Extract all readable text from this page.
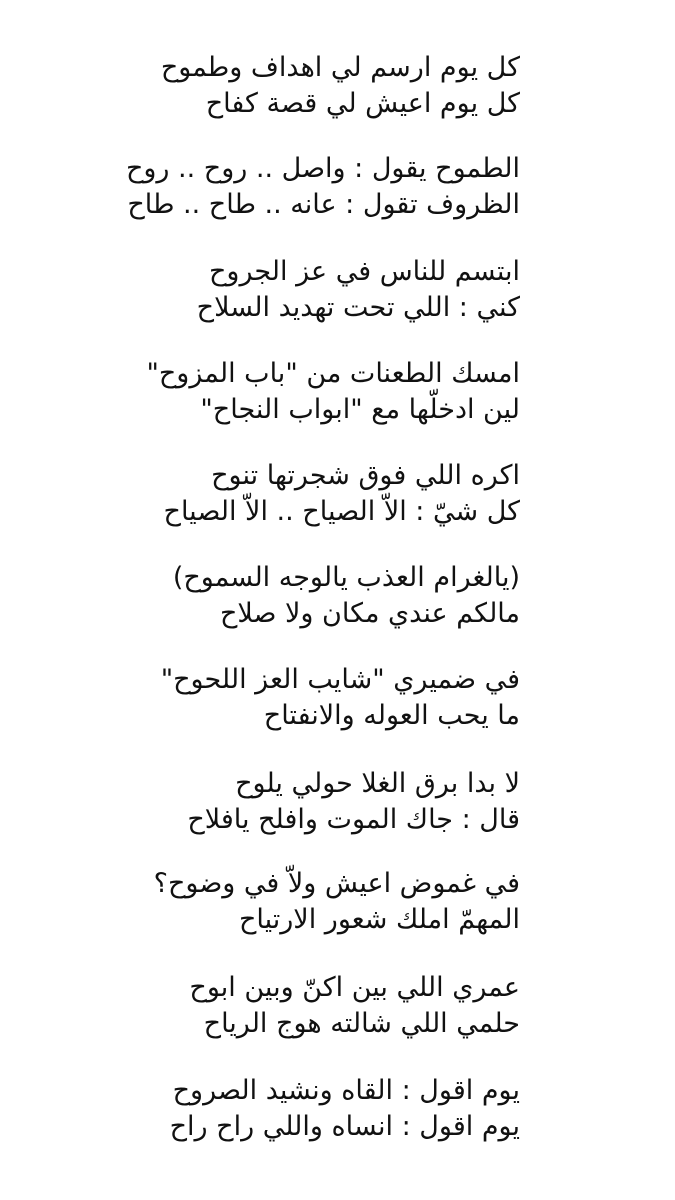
كل يوم ارسم لي اهداف وطموح
كل يوم اعيش لي قصة كفاح
الطموح يقول : واصل .. روح .. روح
الظروف تقول : عانه .. طاح .. طاح
ابتسم للناس في عز الجروح
كني : اللي تحت تهديد السلاح
امسك الطعنات من "باب المزوح"
لين ادخلّها مع "ابواب النجاح"
اكره اللي فوق شجرتها تنوح
كل شيّ : الاّ الصياح .. الاّ الصياح
(يالغرام العذب يالوجه السموح)
مالكم عندي مكان ولا صلاح
في ضميري "شايب العز اللحوح"
ما يحب العوله والانفتاح
لا بدا برق الغلا حولي يلوح
قال : جاك الموت وافلح يافلاح
في غموض اعيش ولاّ في وضوح؟
المهمّ املك شعور الارتياح
عمري اللي بين اكنّ وبين ابوح
حلمي اللي شالته هوج الرياح
يوم اقول : القاه ونشيد الصروح
يوم اقول : انساه واللي راح راح
